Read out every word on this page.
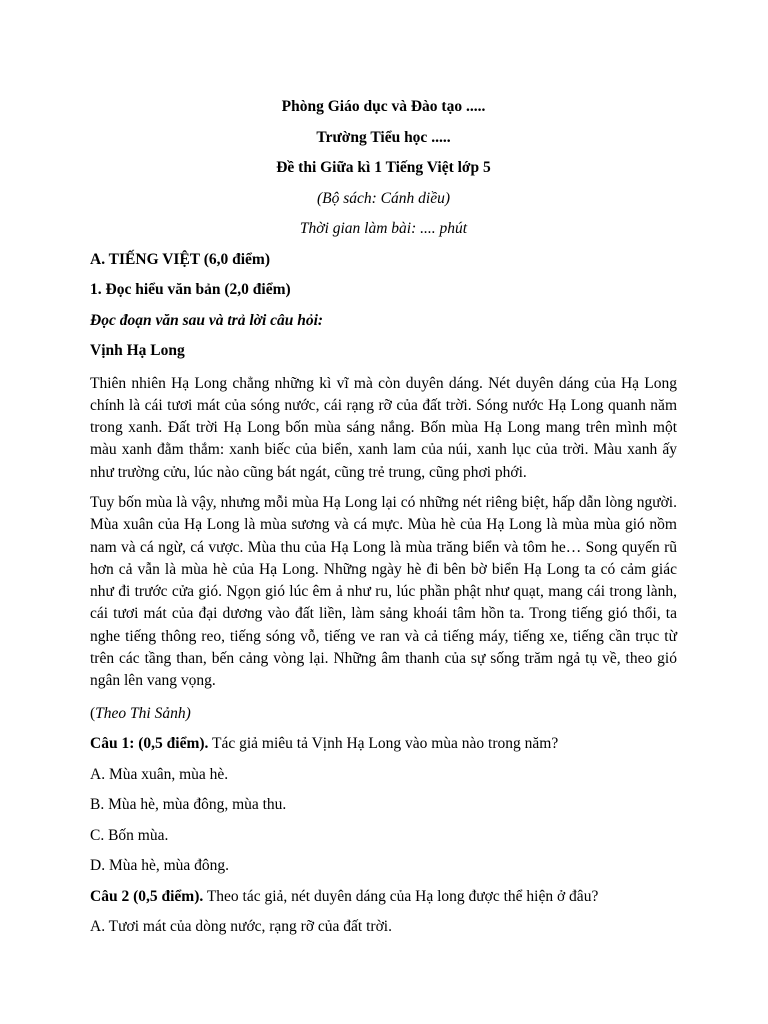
Phòng Giáo dục và Đào tạo .....

Trường Tiểu học .....

Đề thi Giữa kì 1 Tiếng Việt lớp 5

(Bộ sách: Cánh diều)

Thời gian làm bài: .... phút

A. TIẾNG VIỆT (6,0 điểm)

1. Đọc hiểu văn bản (2,0 điểm)

Đọc đoạn văn sau và trả lời câu hỏi:

Vịnh Hạ Long

Thiên nhiên Hạ Long chẳng những kì vĩ mà còn duyên dáng. Nét duyên dáng của Hạ Long chính là cái tươi mát của sóng nước, cái rạng rỡ của đất trời. Sóng nước Hạ Long quanh năm trong xanh. Đất trời Hạ Long bốn mùa sáng nắng. Bốn mùa Hạ Long mang trên mình một màu xanh đằm thắm: xanh biếc của biển, xanh lam của núi, xanh lục của trời. Màu xanh ấy như trường cửu, lúc nào cũng bát ngát, cũng trẻ trung, cũng phơi phới.

Tuy bốn mùa là vậy, nhưng mỗi mùa Hạ Long lại có những nét riêng biệt, hấp dẫn lòng người. Mùa xuân của Hạ Long là mùa sương và cá mực. Mùa hè của Hạ Long là mùa mùa gió nồm nam và cá ngừ, cá vược. Mùa thu của Hạ Long là mùa trăng biển và tôm he… Song quyến rũ hơn cả vẫn là mùa hè của Hạ Long. Những ngày hè đi bên bờ biển Hạ Long ta có cảm giác như đi trước cửa gió. Ngọn gió lúc êm ả như ru, lúc phần phật như quạt, mang cái trong lành, cái tươi mát của đại dương vào đất liền, làm sảng khoái tâm hồn ta. Trong tiếng gió thổi, ta nghe tiếng thông reo, tiếng sóng vỗ, tiếng ve ran và cả tiếng máy, tiếng xe, tiếng cần trục từ trên các tầng than, bến cảng vòng lại. Những âm thanh của sự sống trăm ngả tụ về, theo gió ngân lên vang vọng.

(Theo Thi Sảnh)

Câu 1: (0,5 điểm). Tác giả miêu tả Vịnh Hạ Long vào mùa nào trong năm?

A. Mùa xuân, mùa hè.

B. Mùa hè, mùa đông, mùa thu.

C. Bốn mùa.

D. Mùa hè, mùa đông.

Câu 2 (0,5 điểm). Theo tác giả, nét duyên dáng của Hạ long được thể hiện ở đâu?

A. Tươi mát của dòng nước, rạng rỡ của đất trời.
